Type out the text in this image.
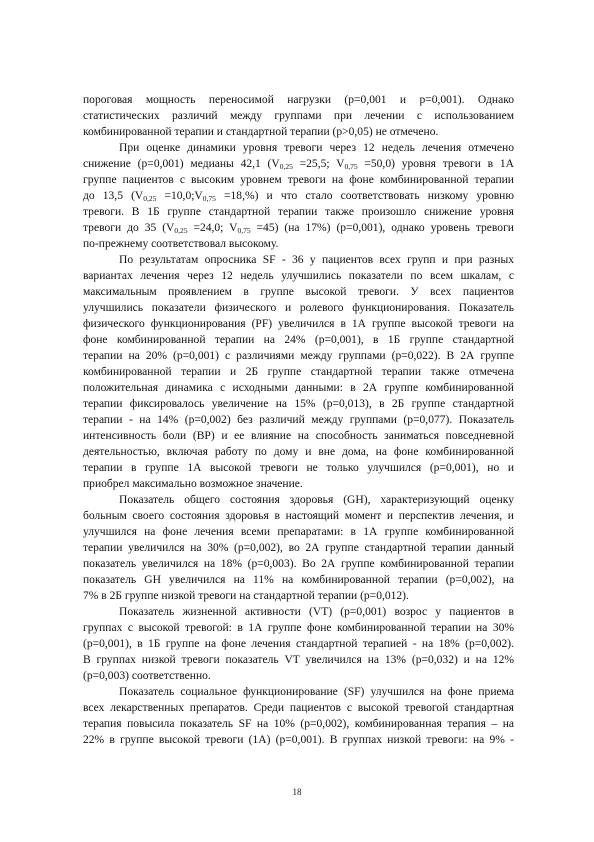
пороговая мощность переносимой нагрузки (р=0,001 и р=0,001). Однако
статистических различий между группами при лечении с использованием
комбинированной терапии и стандартной терапии (р>0,05) не отмечено.

При оценке динамики уровня тревоги через 12 недель лечения отмечено
снижение (р=0,001) медианы 42,1 ($V_{0,25} =25,5$; $V_{0,75} =50,0$) уровня тревоги в 1А
группе пациентов с высоким уровнем тревоги на фоне комбинированной терапии
до 13,5 ($V_{0,25}$ $=10,0;V_{0,75} =18,\%$) и что стало соответствовать низкому уровню
тревоги. В 1Б группе стандартной терапии также произошло снижение уровня
тревоги до 35 ($V_{0,25} =24,0$; $V_{0,75} =45$) (на 17%) (р=0,001), однако уровень тревоги
по-прежнему соответствовал высокому.

По результатам опросника SF - 36 у пациентов всех групп и при разных
вариантах лечения через 12 недель улучшились показатели по всем шкалам, с
максимальным проявлением в группе высокой тревоги. У всех пациентов
улучшились показатели физического и ролевого функционирования. Показатель
физического функционирования (PF) увеличился в 1А группе высокой тревоги на
фоне комбинированной терапии на 24% (р=0,001), в 1Б группе стандартной
терапии на 20% (р=0,001) с различиями между группами (р=0,022). В 2А группе
комбинированной терапии и 2Б группе стандартной терапии также отмечена
положительная динамика с исходными данными: в 2А группе комбинированной
терапии фиксировалось увеличение на 15% (р=0,013), в 2Б группе стандартной
терапии - на 14% (р=0,002) без различий между группами (р=0,077). Показатель
интенсивность боли (BP) и ее влияние на способность заниматься повседневной
деятельностью, включая работу по дому и вне дома, на фоне комбинированной
терапии в группе 1А высокой тревоги не только улучшился (р=0,001), но и
приобрел максимально возможное значение.

Показатель общего состояния здоровья (GH), характеризующий оценку
больным своего состояния здоровья в настоящий момент и перспектив лечения, и
улучшился на фоне лечения всеми препаратами: в 1А группе комбинированной
терапии увеличился на 30% (р=0,002), во 2А группе стандартной терапии данный
показатель увеличился на 18% (р=0,003). Во 2А группе комбинированной терапии
показатель GH увеличился на 11% на комбинированной терапии (р=0,002), на
7% в 2Б группе низкой тревоги на стандартной терапии (р=0,012).

Показатель жизненной активности (VT) (р=0,001) возрос у пациентов в
группах с высокой тревогой: в 1А группе фоне комбинированной терапии на 30%
(р=0,001), в 1Б группе на фоне лечения стандартной терапией - на 18% (р=0,002).
В группах низкой тревоги показатель VT увеличился на 13% (р=0,032) и на 12%
(р=0,003) соответственно.

Показатель социальное функционирование (SF) улучшился на фоне приема
всех лекарственных препаратов. Среди пациентов с высокой тревогой стандартная
терапия повысила показатель SF на 10% (р=0,002), комбинированная терапия – на
22% в группе высокой тревоги (1А) (р=0,001). В группах низкой тревоги: на 9% -

18
